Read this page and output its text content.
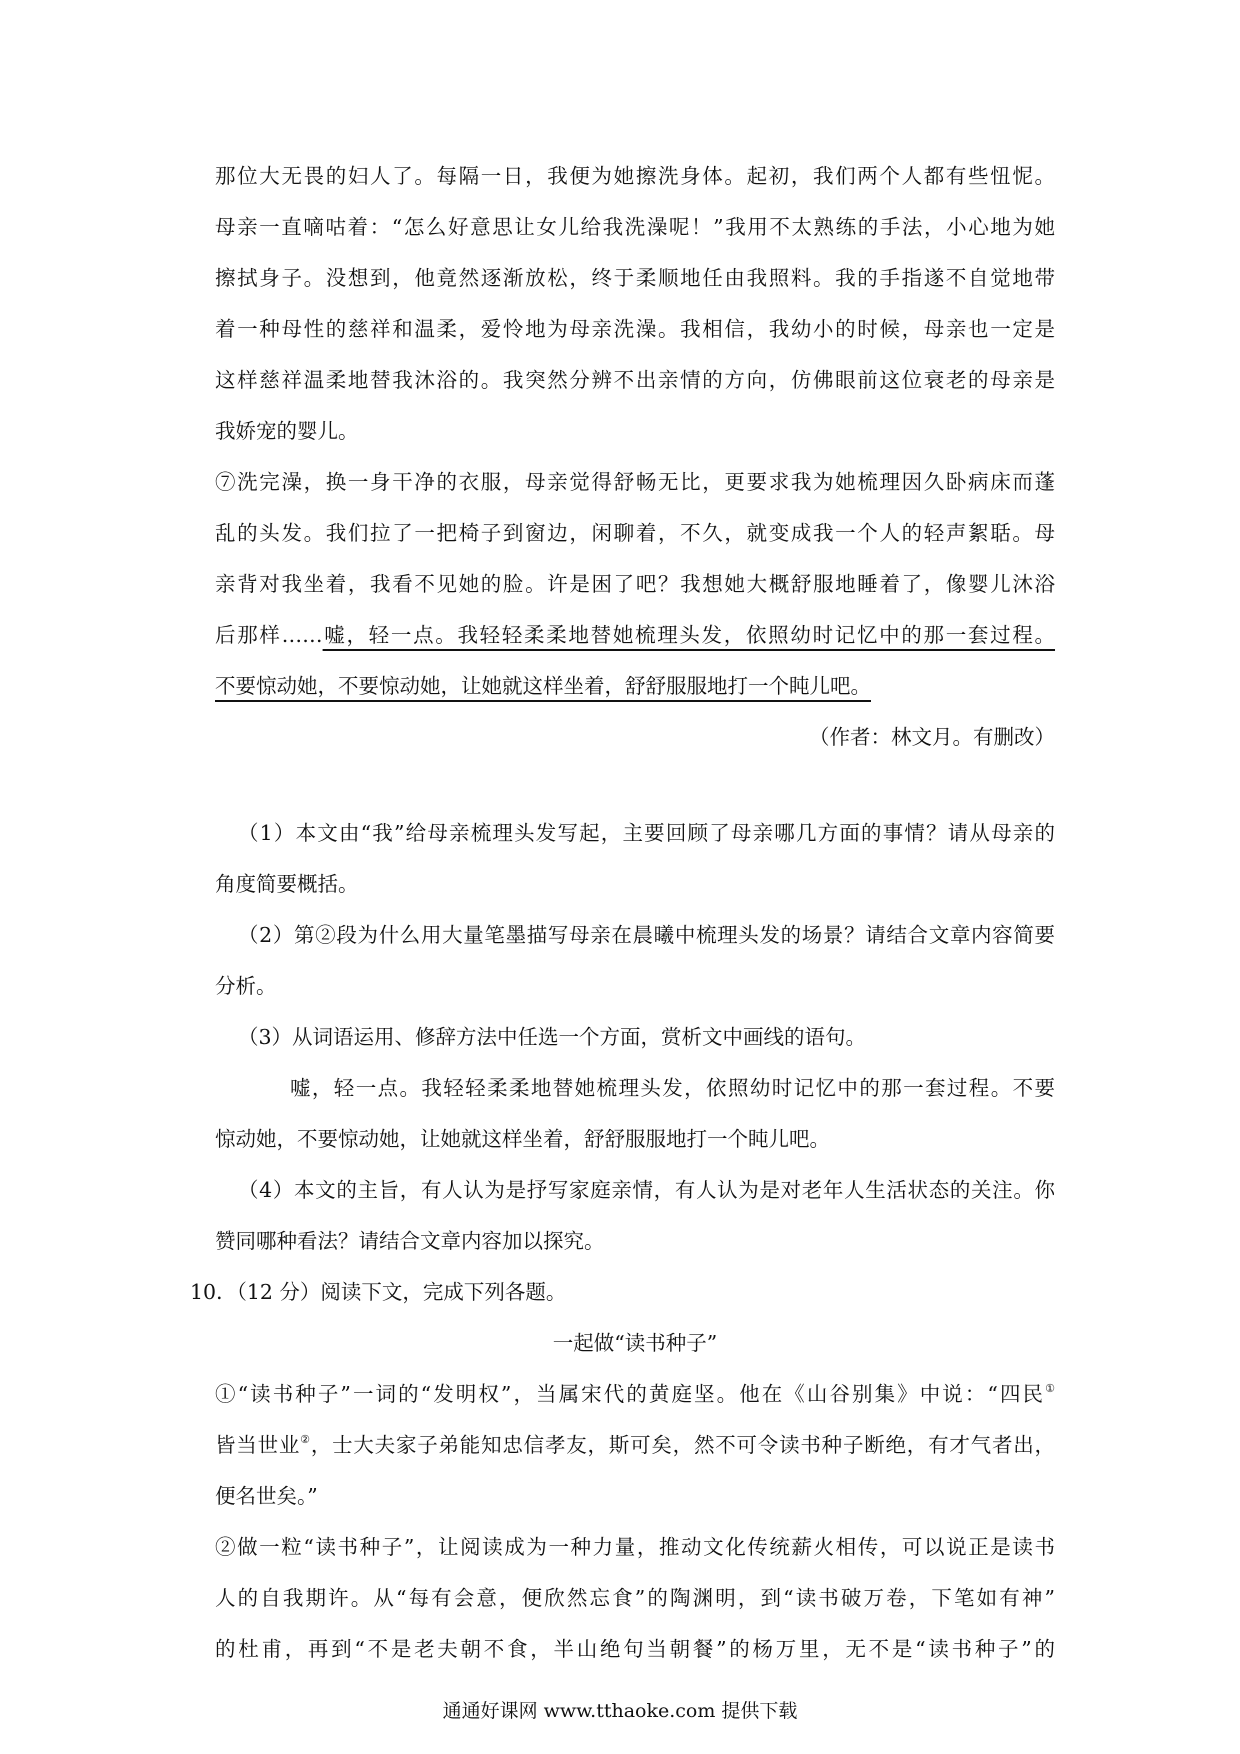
那位大无畏的妇人了。每隔一日，我便为她擦洗身体。起初，我们两个人都有些忸怩。
母亲一直嘀咕着：“怎么好意思让女儿给我洗澡呢！”我用不太熟练的手法，小心地为她
擦拭身子。没想到，他竟然逐渐放松，终于柔顺地任由我照料。我的手指遂不自觉地带
着一种母性的慈祥和温柔，爱怜地为母亲洗澡。我相信，我幼小的时候，母亲也一定是
这样慈祥温柔地替我沐浴的。我突然分辨不出亲情的方向，仿佛眼前这位衰老的母亲是
我娇宠的婴儿。
⑦洗完澡，换一身干净的衣服，母亲觉得舒畅无比，更要求我为她梳理因久卧病床而蓬
乱的头发。我们拉了一把椅子到窗边，闲聊着，不久，就变成我一个人的轻声絮聒。母
亲背对我坐着，我看不见她的脸。许是困了吧？我想她大概舒服地睡着了，像婴儿沐浴
后那样……嘘，轻一点。我轻轻柔柔地替她梳理头发，依照幼时记忆中的那一套过程。
不要惊动她，不要惊动她，让她就这样坐着，舒舒服服地打一个盹儿吧。
（作者：林文月。有删改）
（1）本文由“我”给母亲梳理头发写起，主要回顾了母亲哪几方面的事情？请从母亲的
角度简要概括。
（2）第②段为什么用大量笔墨描写母亲在晨曦中梳理头发的场景？请结合文章内容简要
分析。
（3）从词语运用、修辞方法中任选一个方面，赏析文中画线的语句。
嘘，轻一点。我轻轻柔柔地替她梳理头发，依照幼时记忆中的那一套过程。不要
惊动她，不要惊动她，让她就这样坐着，舒舒服服地打一个盹儿吧。
（4）本文的主旨，有人认为是抒写家庭亲情，有人认为是对老年人生活状态的关注。你
赞同哪种看法？请结合文章内容加以探究。
10．（12 分）阅读下文，完成下列各题。
一起做“读书种子”
①“读书种子”一词的“发明权”，当属宋代的黄庭坚。他在《山谷别集》中说：“四民①
皆当世业②，士大夫家子弟能知忠信孝友，斯可矣，然不可令读书种子断绝，有才气者出，
便名世矣。”
②做一粒“读书种子”，让阅读成为一种力量，推动文化传统薪火相传，可以说正是读书
人的自我期许。从“每有会意，便欣然忘食”的陶渊明，到“读书破万卷，下笔如有神”
的杜甫，再到“不是老夫朝不食，半山绝句当朝餐”的杨万里，无不是“读书种子”的
通通好课网 www.tthaoke.com 提供下载
